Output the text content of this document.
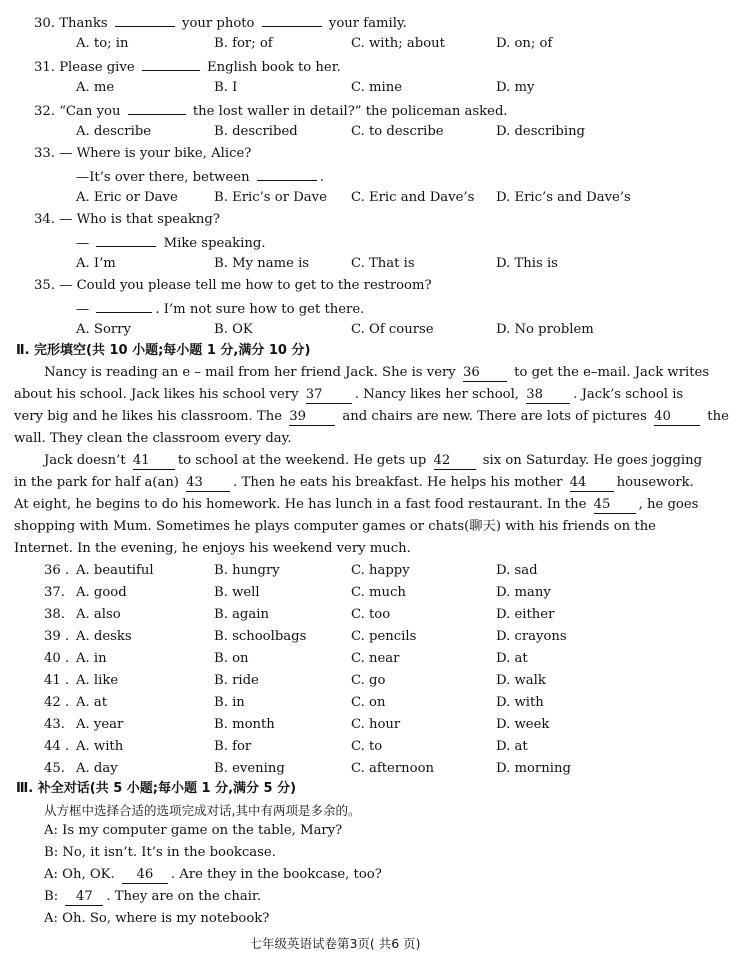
30. Thanks	your photo	your family.
A. to; in	B. for; of	C. with; about	D. on; of
31. Please give	English book to her.
A. me	B. I	C. mine	D. my
32. “Can you	the lost waller in detail?” the policeman asked.
A. describe	B. described	C. to describe	D. describing
33. — Where is your bike, Alice?
—It’s over there, between	.
A. Eric or Dave	B. Eric’s or Dave C. Eric and Dave’s D. Eric’s and Dave’s
34. — Who is that speakng?
—	Mike speaking.
A. I’m	B. My name is	C. That is	D. This is
35. — Could you please tell me how to get to the restroom?
—	. I’m not sure how to get there.
A. Sorry	B. OK	C. Of course	D. No problem
Ⅱ. 完形填空(共 10 小题;每小题 1 分,满分 10 分)
Nancy is reading an e – mail from her friend Jack. She is very 36	to get the e–mail. Jack writes
about his school. Jack likes his school very 37 . Nancy likes her school, 38 . Jack’s school is
very big and he likes his classroom. The 39	and chairs are new. There are lots of pictures 40	the
wall. They clean the classroom every day.
Jack doesn’t 41 to school at the weekend. He gets up 42 six on Saturday. He goes jogging
in the park for half a(an) 43 . Then he eats his breakfast. He helps his mother 44 housework.
At eight, he begins to do his homework. He has lunch in a fast food restaurant. In the 45 , he goes
shopping with Mum. Sometimes he plays computer games or chats(聊天) with his friends on the
Internet. In the evening, he enjoys his weekend very much.
36 . A. beautiful	B. hungry	C. happy	D. sad
37. A. good	B. well	C. much	D. many
38. A. also	B. again	C. too	D. either
39 . A. desks	B. schoolbags	C. pencils	D. crayons
40 . A. in	B. on	C. near	D. at
41 . A. like	B. ride	C. go	D. walk
42 . A. at	B. in	C. on	D. with
43. A. year	B. month	C. hour	D. week
44 . A. with	B. for	C. to	D. at
45. A. day	B. evening	C. afternoon	D. morning
Ⅲ. 补全对话(共 5 小题;每小题 1 分,满分 5 分)
从方框中选择合适的选项完成对话,其中有两项是多余的。
A: Is my computer game on the table, Mary?
B: No, it isn’t. It’s in the bookcase.
A: Oh, OK. 46 . Are they in the bookcase, too?
B: 47 . They are on the chair.
A: Oh. So, where is my notebook?
七年级英语试卷第3页( 共6 页)
